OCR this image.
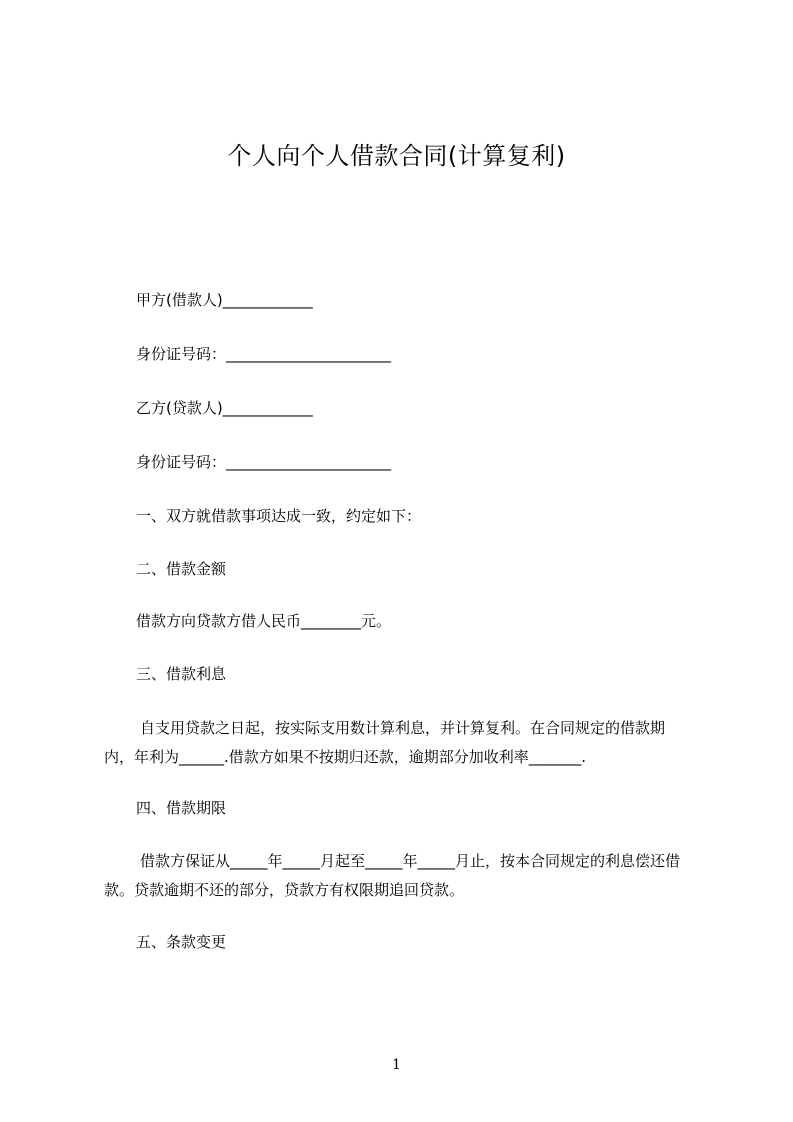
个人向个人借款合同(计算复利)
甲方(借款人)____________
身份证号码：______________________
乙方(贷款人)____________
身份证号码：______________________
一、双方就借款事项达成一致，约定如下：
二、借款金额
借款方向贷款方借人民币________元。
三、借款利息
自支用贷款之日起，按实际支用数计算利息，并计算复利。在合同规定的借款期内，年利为______.借款方如果不按期归还款，逾期部分加收利率_______.
四、借款期限
借款方保证从_____年_____月起至_____年_____月止，按本合同规定的利息偿还借款。贷款逾期不还的部分，贷款方有权限期追回贷款。
五、条款变更
1
